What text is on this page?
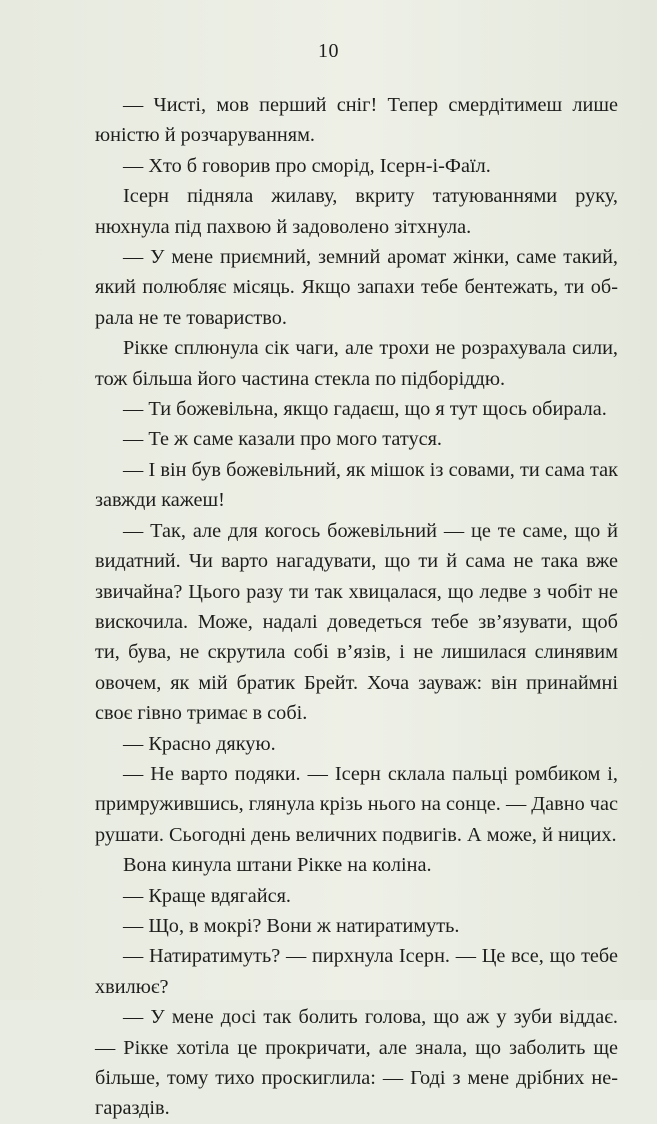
10

— Чисті, мов перший сніг! Тепер смердітимеш лише юністю й розчаруванням.

— Хто б говорив про сморід, Ісерн-і-Фаїл.

Ісерн підняла жилаву, вкриту татуюваннями руку, нюхнула під пахвою й задоволено зітхнула.

— У мене приємний, земний аромат жінки, саме такий, який полюбляє місяць. Якщо запахи тебе бентежать, ти обрала не те товариство.

Рікке сплюнула сік чаги, але трохи не розрахувала сили, тож більша його частина стекла по підборіддю.

— Ти божевільна, якщо гадаєш, що я тут щось обирала.

— Те ж саме казали про мого татуся.

— І він був божевільний, як мішок із совами, ти сама так завжди кажеш!

— Так, але для когось божевільний — це те саме, що й видатний. Чи варто нагадувати, що ти й сама не така вже звичайна? Цього разу ти так хвицалася, що ледве з чобіт не вискочила. Може, надалі доведеться тебе зв’язувати, щоб ти, бува, не скрутила собі в’язів, і не лишилася слинявим овочем, як мій братик Брейт. Хоча зауваж: він принаймні своє гівно тримає в собі.

— Красно дякую.

— Не варто подяки. — Ісерн склала пальці ромбиком і, примружившись, глянула крізь нього на сонце. — Давно час рушати. Сьогодні день величних подвигів. А може, й ницих.

Вона кинула штани Рікке на коліна.

— Краще вдягайся.

— Що, в мокрі? Вони ж натиратимуть.

— Натиратимуть? — пирхнула Ісерн. — Це все, що тебе хвилює?

— У мене досі так болить голова, що аж у зуби віддає. — Рікке хотіла це прокричати, але знала, що заболить ще більше, тому тихо проскиглила: — Годі з мене дрібних негараздів.
